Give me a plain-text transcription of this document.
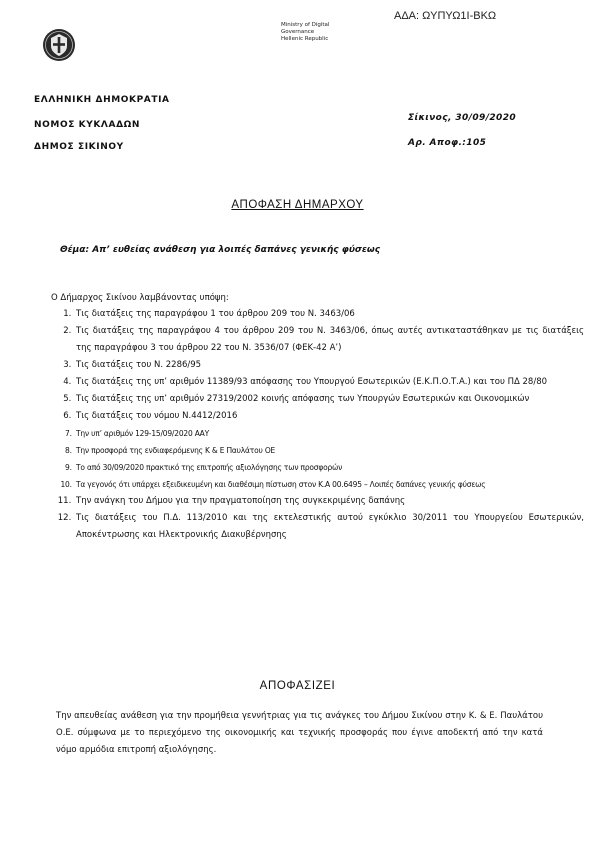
ΑΔΑ: ΩΥΠΥΩ1Ι-ΒΚΩ
Ministry of Digital
Governance
Hellenic Republic
ΕΛΛΗΝΙΚΗ ΔΗΜΟΚΡΑΤΙΑ
ΝΟΜΟΣ ΚΥΚΛΑΔΩΝ
ΔΗΜΟΣ ΣΙΚΙΝΟΥ
Σίκινος, 30/09/2020
Αρ. Αποφ.:105
ΑΠΟΦΑΣΗ ΔΗΜΑΡΧΟΥ
Θέμα: Απ’ ευθείας ανάθεση για λοιπές δαπάνες γενικής φύσεως
Ο Δήμαρχος Σικίνου λαμβάνοντας υπόψη:
1. Τις διατάξεις της παραγράφου 1 του άρθρου 209 του Ν. 3463/06
2. Τις διατάξεις της παραγράφου 4 του άρθρου 209 του Ν. 3463/06, όπως αυτές αντικαταστάθηκαν με τις διατάξεις της παραγράφου 3 του άρθρου 22 του Ν. 3536/07 (ΦΕΚ-42 Α’)
3. Τις διατάξεις του Ν. 2286/95
4. Τις διατάξεις της υπ’ αριθμόν 11389/93 απόφασης του Υπουργού Εσωτερικών (Ε.Κ.Π.Ο.Τ.Α.) και του ΠΔ 28/80
5. Τις διατάξεις της υπ’ αριθμόν 27319/2002 κοινής απόφασης των Υπουργών Εσωτερικών και Οικονομικών
6. Τις διατάξεις του νόμου Ν.4412/2016
7. Την υπ’ αριθμόν 129-15/09/2020 ΑΑΥ
8. Την προσφορά της ενδιαφερόμενης Κ & Ε Παυλάτου ΟΕ
9. Το από 30/09/2020 πρακτικό της επιτροπής αξιολόγησης των προσφορών
10. Τα γεγονός ότι υπάρχει εξειδικευμένη και διαθέσιμη πίστωση στον Κ.Α 00.6495 – Λοιπές δαπάνες γενικής φύσεως
11. Την ανάγκη του Δήμου για την πραγματοποίηση της συγκεκριμένης δαπάνης
12. Τις διατάξεις του Π.Δ. 113/2010 και της εκτελεστικής αυτού εγκύκλιο 30/2011 του Υπουργείου Εσωτερικών, Αποκέντρωσης και Ηλεκτρονικής Διακυβέρνησης
ΑΠΟΦΑΣΙΖΕΙ
Την απευθείας ανάθεση για την προμήθεια γεννήτριας για τις ανάγκες του Δήμου Σικίνου στην Κ. & Ε. Παυλάτου Ο.Ε. σύμφωνα με το περιεχόμενο της οικονομικής και τεχνικής προσφοράς που έγινε αποδεκτή από την κατά νόμο αρμόδια επιτροπή αξιολόγησης.
